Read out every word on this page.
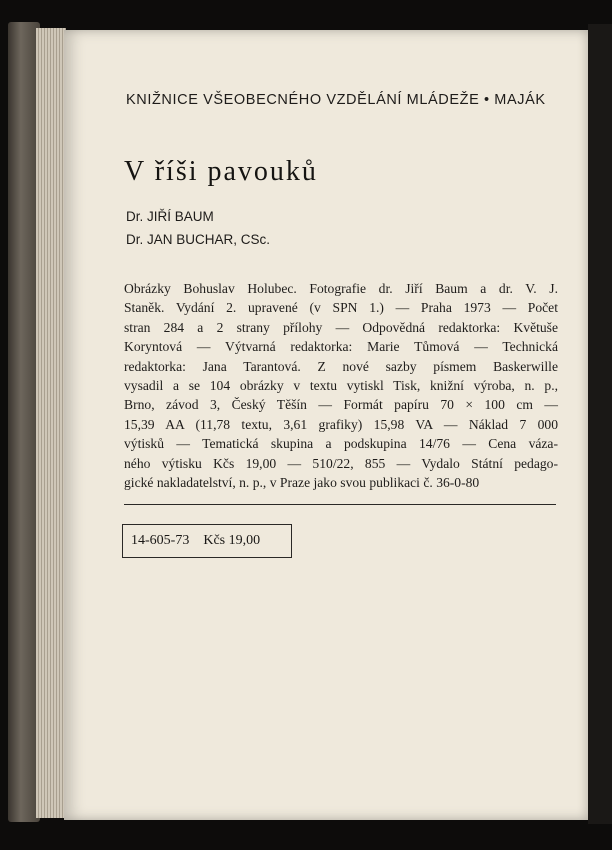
KNIŽNICE VŠEOBECNÉHO VZDĚLÁNÍ MLÁDEŽE • MAJÁK
V říši pavouků
Dr. JIŘÍ BAUM
Dr. JAN BUCHAR, CSc.
Obrázky Bohuslav Holubec. Fotografie dr. Jiří Baum a dr. V. J.
Staněk. Vydání 2. upravené (v SPN 1.) — Praha 1973 — Počet
stran 284 a 2 strany přílohy — Odpovědná redaktorka: Květuše
Koryntová — Výtvarná redaktorka: Marie Tůmová — Technická
redaktorka: Jana Tarantová. Z nové sazby písmem Baskerwille
vysadil a se 104 obrázky v textu vytiskl Tisk, knižní výroba, n. p.,
Brno, závod 3, Český Těšín — Formát papíru 70 × 100 cm —
15,39 AA (11,78 textu, 3,61 grafiky) 15,98 VA — Náklad 7 000
výtisků — Tematická skupina a podskupina 14/76 — Cena váza-
ného výtisku Kčs 19,00 — 510/22, 855 — Vydalo Státní pedago-
gické nakladatelství, n. p., v Praze jako svou publikaci č. 36-0-80
14-605-73 Kčs 19,00
